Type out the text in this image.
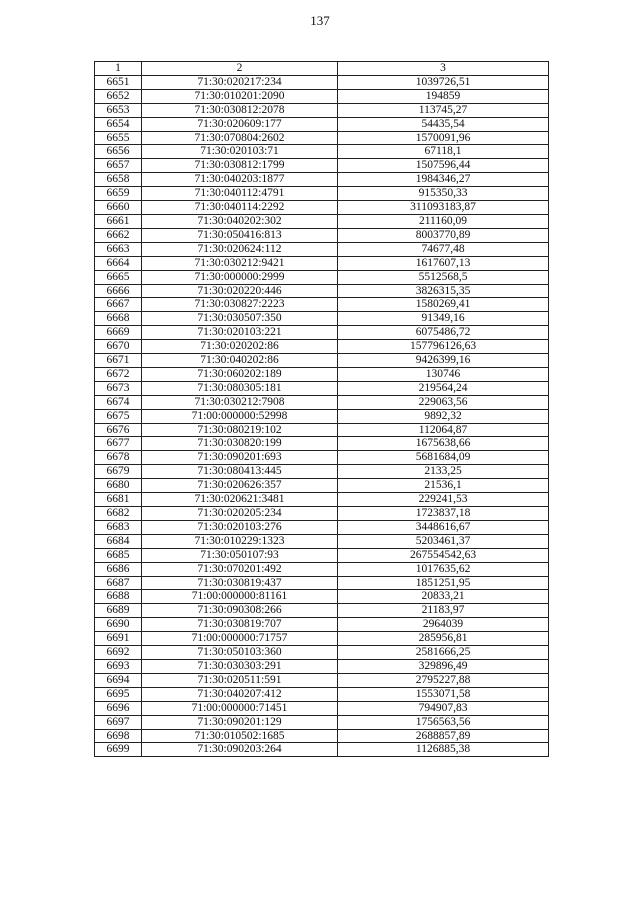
137
1	2	3
6651	71:30:020217:234	1039726,51
6652	71:30:010201:2090	194859
6653	71:30:030812:2078	113745,27
6654	71:30:020609:177	54435,54
6655	71:30:070804:2602	1570091,96
6656	71:30:020103:71	67118,1
6657	71:30:030812:1799	1507596,44
6658	71:30:040203:1877	1984346,27
6659	71:30:040112:4791	915350,33
6660	71:30:040114:2292	311093183,87
6661	71:30:040202:302	211160,09
6662	71:30:050416:813	8003770,89
6663	71:30:020624:112	74677,48
6664	71:30:030212:9421	1617607,13
6665	71:30:000000:2999	5512568,5
6666	71:30:020220:446	3826315,35
6667	71:30:030827:2223	1580269,41
6668	71:30:030507:350	91349,16
6669	71:30:020103:221	6075486,72
6670	71:30:020202:86	157796126,63
6671	71:30:040202:86	9426399,16
6672	71:30:060202:189	130746
6673	71:30:080305:181	219564,24
6674	71:30:030212:7908	229063,56
6675	71:00:000000:52998	9892,32
6676	71:30:080219:102	112064,87
6677	71:30:030820:199	1675638,66
6678	71:30:090201:693	5681684,09
6679	71:30:080413:445	2133,25
6680	71:30:020626:357	21536,1
6681	71:30:020621:3481	229241,53
6682	71:30:020205:234	1723837,18
6683	71:30:020103:276	3448616,67
6684	71:30:010229:1323	5203461,37
6685	71:30:050107:93	267554542,63
6686	71:30:070201:492	1017635,62
6687	71:30:030819:437	1851251,95
6688	71:00:000000:81161	20833,21
6689	71:30:090308:266	21183,97
6690	71:30:030819:707	2964039
6691	71:00:000000:71757	285956,81
6692	71:30:050103:360	2581666,25
6693	71:30:030303:291	329896,49
6694	71:30:020511:591	2795227,88
6695	71:30:040207:412	1553071,58
6696	71:00:000000:71451	794907,83
6697	71:30:090201:129	1756563,56
6698	71:30:010502:1685	2688857,89
6699	71:30:090203:264	1126885,38
